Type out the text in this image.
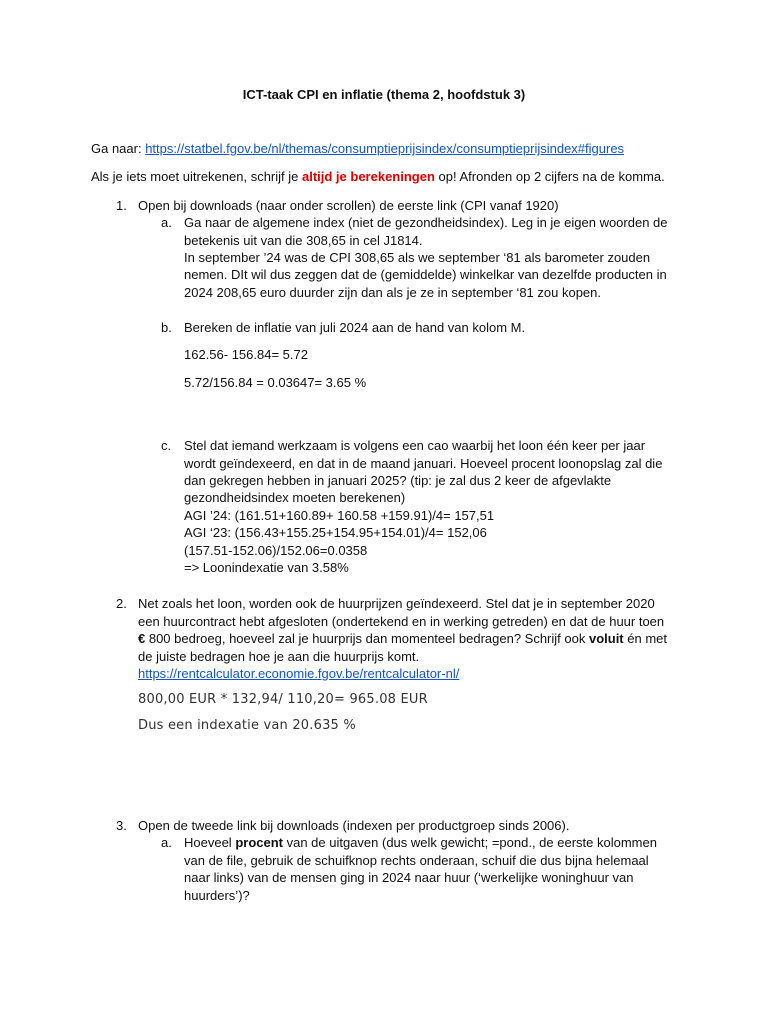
ICT-taak CPI en inflatie (thema 2, hoofdstuk 3)
Ga naar: https://statbel.fgov.be/nl/themas/consumptieprijsindex/consumptieprijsindex#figures
Als je iets moet uitrekenen, schrijf je altijd je berekeningen op! Afronden op 2 cijfers na de komma.
1. Open bij downloads (naar onder scrollen) de eerste link (CPI vanaf 1920)
a. Ga naar de algemene index (niet de gezondheidsindex). Leg in je eigen woorden de
betekenis uit van die 308,65 in cel J1814.
In september ’24 was de CPI 308,65 als we september ‘81 als barometer zouden
nemen. DIt wil dus zeggen dat de (gemiddelde) winkelkar van dezelfde producten in
2024 208,65 euro duurder zijn dan als je ze in september ‘81 zou kopen.
b. Bereken de inflatie van juli 2024 aan de hand van kolom M.
162.56- 156.84= 5.72
5.72/156.84 = 0.03647= 3.65 %
c. Stel dat iemand werkzaam is volgens een cao waarbij het loon één keer per jaar
wordt geïndexeerd, en dat in de maand januari. Hoeveel procent loonopslag zal die
dan gekregen hebben in januari 2025? (tip: je zal dus 2 keer de afgevlakte
gezondheidsindex moeten berekenen)
AGI ’24: (161.51+160.89+ 160.58 +159.91)/4= 157,51
AGI ‘23: (156.43+155.25+154.95+154.01)/4= 152,06
(157.51-152.06)/152.06=0.0358
=> Loonindexatie van 3.58%
2. Net zoals het loon, worden ook de huurprijzen geïndexeerd. Stel dat je in september 2020
een huurcontract hebt afgesloten (ondertekend en in werking getreden) en dat de huur toen
€ 800 bedroeg, hoeveel zal je huurprijs dan momenteel bedragen? Schrijf ook voluit én met
de juiste bedragen hoe je aan die huurprijs komt.
https://rentcalculator.economie.fgov.be/rentcalculator-nl/
800,00 EUR * 132,94/ 110,20= 965.08 EUR
Dus een indexatie van 20.635 %
3. Open de tweede link bij downloads (indexen per productgroep sinds 2006).
a. Hoeveel procent van de uitgaven (dus welk gewicht; =pond., de eerste kolommen
van de file, gebruik de schuifknop rechts onderaan, schuif die dus bijna helemaal
naar links) van de mensen ging in 2024 naar huur (‘werkelijke woninghuur van
huurders’)?
